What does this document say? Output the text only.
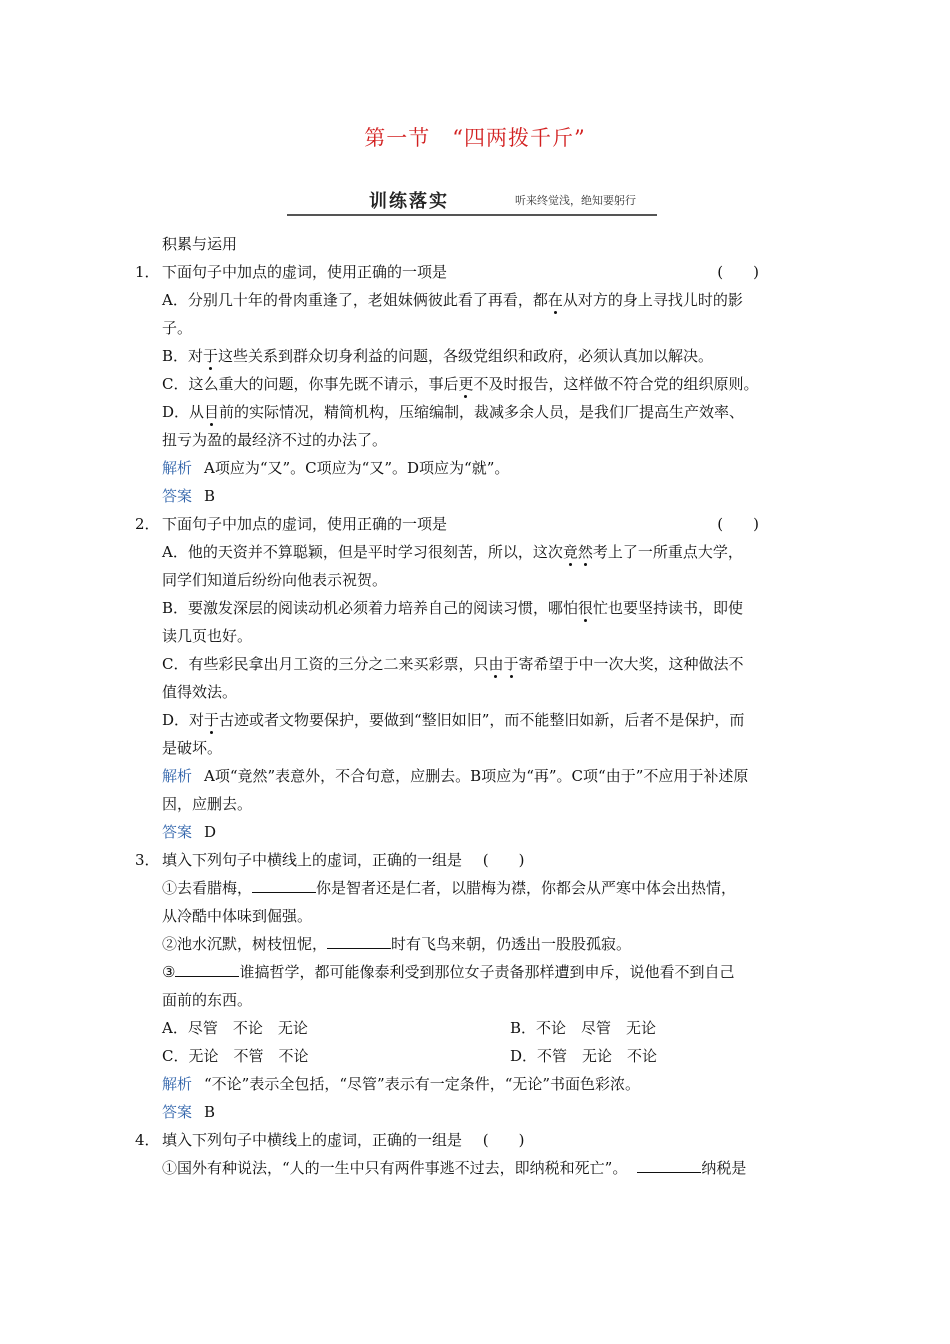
第一节　“四两拨千斤”
训练落实	听来终觉浅，绝知要躬行
积累与运用
1． 下面句子中加点的虚词，使用正确的一项是	(　　)
A．分别几十年的骨肉重逢了，老姐妹俩彼此看了再看，都在从对方的身上寻找儿时的影
子。
B．对于这些关系到群众切身利益的问题，各级党组织和政府，必须认真加以解决。
C．这么重大的问题，你事先既不请示，事后更不及时报告，这样做不符合党的组织原则。
D．从目前的实际情况，精简机构，压缩编制，裁减多余人员，是我们厂提高生产效率、
扭亏为盈的最经济不过的办法了。
解析 A项应为“又”。C项应为“又”。D项应为“就”。
答案 B
2． 下面句子中加点的虚词，使用正确的一项是	(　　)
A．他的天资并不算聪颖，但是平时学习很刻苦，所以，这次竟然考上了一所重点大学，
同学们知道后纷纷向他表示祝贺。
B．要激发深层的阅读动机必须着力培养自己的阅读习惯，哪怕很忙也要坚持读书，即使
读几页也好。
C．有些彩民拿出月工资的三分之二来买彩票，只由于寄希望于中一次大奖，这种做法不
值得效法。
D．对于古迹或者文物要保护，要做到“整旧如旧”，而不能整旧如新，后者不是保护，而
是破坏。
解析 A项“竟然”表意外，不合句意，应删去。B项应为“再”。C项“由于”不应用于补述原
因，应删去。
答案 D
3． 填入下列句子中横线上的虚词，正确的一组是 (　　)
①去看腊梅，	你是智者还是仁者，以腊梅为襟，你都会从严寒中体会出热情，
从冷酷中体味到倔强。
②池水沉默，树枝忸怩，	时有飞鸟来朝，仍透出一股股孤寂。
③	谁搞哲学，都可能像泰利受到那位女子责备那样遭到申斥，说他看不到自己
面前的东西。
A．尽管　不论　无论	B．不论　尽管　无论
C．无论　不管　不论	D．不管　无论　不论
解析 “不论”表示全包括，“尽管”表示有一定条件，“无论”书面色彩浓。
答案 B
4． 填入下列句子中横线上的虚词，正确的一组是 (　　)
①国外有种说法，“人的一生中只有两件事逃不过去，即纳税和死亡”。	纳税是
